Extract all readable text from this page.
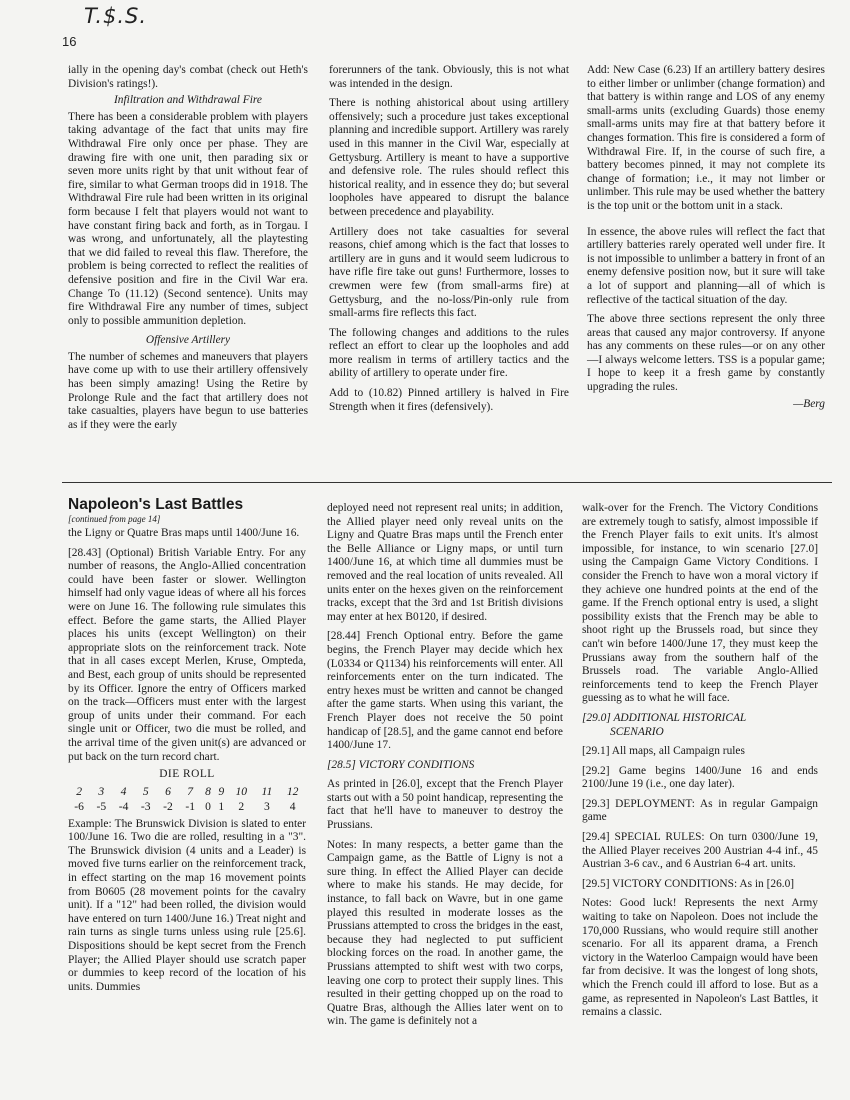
T.$.S.
16

ially in the opening day's combat (check out Heth's Division's ratings!).

Infiltration and Withdrawal Fire

There has been a considerable problem with players taking advantage of the fact that units may fire Withdrawal Fire only once per phase. They are drawing fire with one unit, then parading six or seven more units right by that unit without fear of fire, similar to what German troops did in 1918. The Withdrawal Fire rule had been written in its original form because I felt that players would not want to have constant firing back and forth, as in Torgau. I was wrong, and unfortunately, all the playtesting that we did failed to reveal this flaw. Therefore, the problem is being corrected to reflect the realities of defensive position and fire in the Civil War era. Change To (11.12) (Second sentence). Units may fire Withdrawal Fire any number of times, subject only to possible ammunition depletion.

Offensive Artillery

The number of schemes and maneuvers that players have come up with to use their artillery offensively has been simply amazing! Using the Retire by Prolonge Rule and the fact that artillery does not take casualties, players have begun to use batteries as if they were the early

forerunners of the tank. Obviously, this is not what was intended in the design.

There is nothing ahistorical about using artillery offensively; such a procedure just takes exceptional planning and incredible support. Artillery was rarely used in this manner in the Civil War, especially at Gettysburg. Artillery is meant to have a supportive and defensive role. The rules should reflect this historical reality, and in essence they do; but several loopholes have appeared to disrupt the balance between precedence and playability.

Artillery does not take casualties for several reasons, chief among which is the fact that losses to artillery are in guns and it would seem ludicrous to have rifle fire take out guns! Furthermore, losses to crewmen were few (from small-arms fire) at Gettysburg, and the no-loss/Pin-only rule from small-arms fire reflects this fact.

The following changes and additions to the rules reflect an effort to clear up the loopholes and add more realism in terms of artillery tactics and the ability of artillery to operate under fire.

Add to (10.82) Pinned artillery is halved in Fire Strength when it fires (defensively).

Add: New Case (6.23) If an artillery battery desires to either limber or unlimber (change formation) and that battery is within range and LOS of any enemy small-arms units (excluding Guards) those enemy small-arms units may fire at that battery before it changes formation. This fire is considered a form of Withdrawal Fire. If, in the course of such fire, a battery becomes pinned, it may not complete its change of formation; i.e., it may not limber or unlimber. This rule may be used whether the battery is the top unit or the bottom unit in a stack.

In essence, the above rules will reflect the fact that artillery batteries rarely operated well under fire. It is not impossible to unlimber a battery in front of an enemy defensive position now, but it sure will take a lot of support and planning—all of which is reflective of the tactical situation of the day.

The above three sections represent the only three areas that caused any major controversy. If anyone has any comments on these rules—or on any other—I always welcome letters. TSS is a popular game; I hope to keep it a fresh game by constantly upgrading the rules.

—Berg
Napoleon's Last Battles
[continued from page 14]

the Ligny or Quatre Bras maps until 1400/June 16.

[28.43] (Optional) British Variable Entry. For any number of reasons, the Anglo-Allied concentration could have been faster or slower. Wellington himself had only vague ideas of where all his forces were on June 16. The following rule simulates this effect. Before the game starts, the Allied Player places his units (except Wellington) on their appropriate slots on the reinforcement track. Note that in all cases except Merlen, Kruse, Ompteda, and Best, each group of units should be represented by its Officer. Ignore the entry of Officers marked on the track—Officers must enter with the largest group of units under their command. For each single unit or Officer, two die must be rolled, and the arrival time of the given unit(s) are advanced or put back on the turn record chart.

DIE ROLL
2	3	4	5	6	7	8	9	10	11	12
-6	-5	-4	-3	-2	-1	0	1	2	3	4

Example: The Brunswick Division is slated to enter 100/June 16. Two die are rolled, resulting in a "3". The Brunswick division (4 units and a Leader) is moved five turns earlier on the reinforcement track, in effect starting on the map 16 movement points from B0605 (28 movement points for the cavalry unit). If a "12" had been rolled, the division would have entered on turn 1400/June 16.) Treat night and rain turns as single turns unless using rule [25.6]. Dispositions should be kept secret from the French Player; the Allied Player should use scratch paper or dummies to keep record of the location of his units. Dummies

deployed need not represent real units; in addition, the Allied player need only reveal units on the Ligny and Quatre Bras maps until the French enter the Belle Alliance or Ligny maps, or until turn 1400/June 16, at which time all dummies must be removed and the real location of units revealed. All units enter on the hexes given on the reinforcement tracks, except that the 3rd and 1st British divisions may enter at hex B0120, if desired.

[28.44] French Optional entry. Before the game begins, the French Player may decide which hex (L0334 or Q1134) his reinforcements will enter. All reinforcements enter on the turn indicated. The entry hexes must be written and cannot be changed after the game starts. When using this variant, the French Player does not receive the 50 point handicap of [28.5], and the game cannot end before 1400/June 17.

[28.5] VICTORY CONDITIONS

As printed in [26.0], except that the French Player starts out with a 50 point handicap, representing the fact that he'll have to maneuver to destroy the Prussians.

Notes: In many respects, a better game than the Campaign game, as the Battle of Ligny is not a sure thing. In effect the Allied Player can decide where to make his stands. He may decide, for instance, to fall back on Wavre, but in one game played this resulted in moderate losses as the Prussians attempted to cross the bridges in the east, because they had neglected to put sufficient blocking forces on the road. In another game, the Prussians attempted to shift west with two corps, leaving one corp to protect their supply lines. This resulted in their getting chopped up on the road to Quatre Bras, although the Allies later went on to win. The game is definitely not a

walk-over for the French. The Victory Conditions are extremely tough to satisfy, almost impossible if the French Player fails to exit units. It's almost impossible, for instance, to win scenario [27.0] using the Campaign Game Victory Conditions. I consider the French to have won a moral victory if they achieve one hundred points at the end of the game. If the French optional entry is used, a slight possibility exists that the French may be able to shoot right up the Brussels road, but since they can't win before 1400/June 17, they must keep the Prussians away from the southern half of the Brussels road. The variable Anglo-Allied reinforcements tend to keep the French Player guessing as to what he will face.

[29.0] ADDITIONAL HISTORICAL

SCENARIO

[29.1] All maps, all Campaign rules

[29.2] Game begins 1400/June 16 and ends 2100/June 19 (i.e., one day later).

[29.3] DEPLOYMENT: As in regular Gampaign game

[29.4] SPECIAL RULES: On turn 0300/June 19, the Allied Player receives 200 Austrian 4-4 inf., 45 Austrian 3-6 cav., and 6 Austrian 6-4 art. units.

[29.5] VICTORY CONDITIONS: As in [26.0]

Notes: Good luck! Represents the next Army waiting to take on Napoleon. Does not include the 170,000 Russians, who would require still another scenario. For all its apparent drama, a French victory in the Waterloo Campaign would have been far from decisive. It was the longest of long shots, which the French could ill afford to lose. But as a game, as represented in Napoleon's Last Battles, it remains a classic.
